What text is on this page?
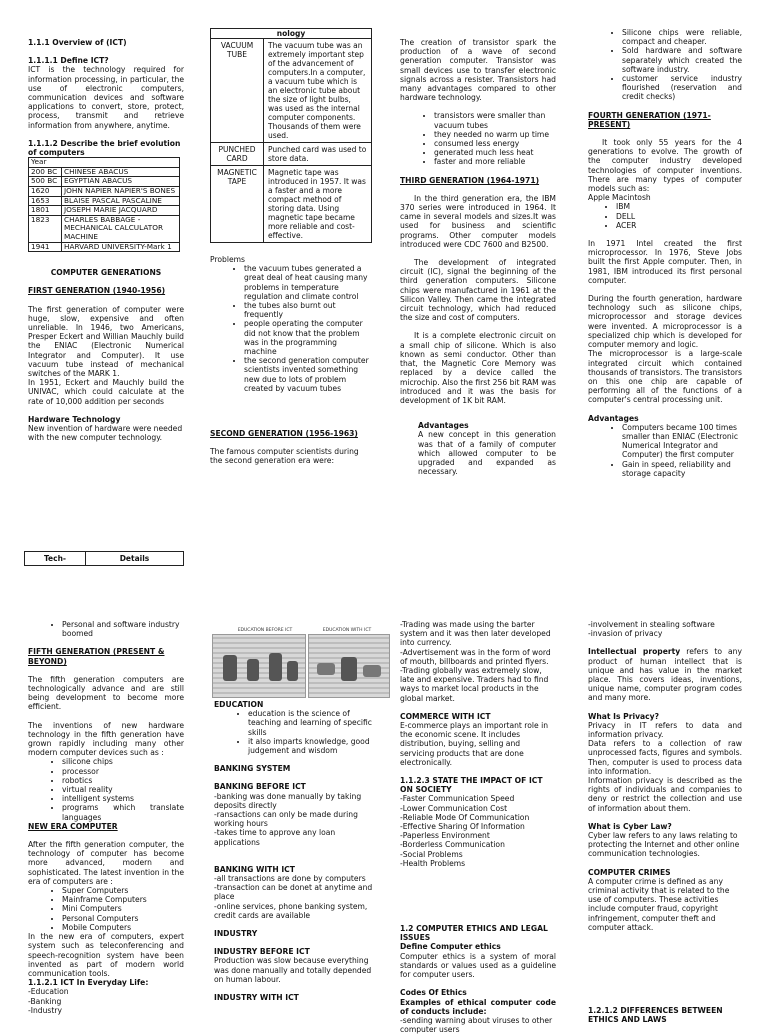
1.1.1 Overview of (ICT)

1.1.1.1 Define ICT?

ICT is the technology required for information processing, in particular, the use of electronic computers, communication devices and software applications to convert, store, protect, process, transmit and retrieve information from anywhere, anytime.

1.1.1.2 Describe the brief evolution of computers

Year	
200 BC	CHINESE ABACUS
500 BC	EGYPTIAN ABACUS
1620	JOHN NAPIER NAPIER'S BONES
1653	BLAISE PASCAL PASCALINE
1801	JOSEPH MARIE JACQUARD
1823	CHARLES BABBAGE -MECHANICAL CALCULATOR MACHINE
1941	HARVARD UNIVERSITY-Mark 1

COMPUTER GENERATIONS

FIRST GENERATION (1940-1956)

The first generation of computer were huge, slow, expensive and often unreliable. In 1946, two Americans, Presper Eckert and Willian Mauchly build the ENIAC (Electronic Numerical Integrator and Computer). It use vacuum tube instead of mechanical switches of the MARK 1.

In 1951, Eckert and Mauchly build the UNIVAC, which could calculate at the rate of 10,000 addition per seconds

Hardware Technology

New invention of hardware were needed with the new computer technology.

Tech-	Details
nology	
VACUUM TUBE	The vacuum tube was an extremely important step of the advancement of computers.In a computer, a vacuum tube which is an electronic tube about the size of light bulbs, was used as the internal computer components. Thousands of them were used.
PUNCHED CARD	Punched card was used to store data.
MAGNETIC TAPE	Magnetic tape was introduced in 1957. It was a faster and a more compact method of storing data. Using magnetic tape became more reliable and cost-effective.

Problems

• the vacuum tubes generated a great deal of heat causing many problems in temperature regulation and climate control
• the tubes also burnt out frequently
• people operating the computer did not know that the problem was in the programming machine
• the second generation computer scientists invented something new due to lots of problem created by vacuum tubes

SECOND GENERATION (1956-1963)

The famous computer scientists during the second generation era were:

The creation of transistor spark the production of a wave of second generation computer. Transistor was small devices use to transfer electronic signals across a resister. Transistors had many advantages compared to other hardware technology.

• transistors were smaller than vacuum tubes
• they needed no warm up time
• consumed less energy
• generated much less heat
• faster and more reliable

THIRD GENERATION (1964-1971)

In the third generation era, the IBM 370 series were introduced in 1964. It came in several models and sizes.It was used for business and scientific programs. Other computer models introduced were CDC 7600 and B2500.

The development of integrated circuit (IC), signal the beginning of the third generation computers. Silicone chips were manufactured in 1961 at the Silicon Valley. Then came the integrated circuit technology, which had reduced the size and cost of computers.

It is a complete electronic circuit on a small chip of silicone. Which is also known as semi conductor. Other than that, the Magnetic Core Memory was replaced by a device called the microchip. Also the first 256 bit RAM was introduced and it was the basis for development of 1K bit RAM.

Advantages

A new concept in this generation was that of a family of computer which allowed computer to be upgraded and expanded as necessary.

• Silicone chips were reliable, compact and cheaper.
• Sold hardware and software separately which created the software industry.
• customer service industry flourished (reservation and credit checks)

FOURTH GENERATION (1971-PRESENT)

It took only 55 years for the 4 generations to evolve. The growth of the computer industry developed technologies of computer inventions. There are many types of computer models such as:

Apple Macintosh

• IBM
• DELL
• ACER

In 1971 Intel created the first microprocessor. In 1976, Steve Jobs built the first Apple computer. Then, in 1981, IBM introduced its first personal computer.

During the fourth generation, hardware technology such as silicone chips, microprocessor and storage devices were invented. A microprocessor is a specialized chip which is developed for computer memory and logic.

The microprocessor is a large-scale integrated circuit which contained thousands of transistors. The transistors on this one chip are capable of performing all of the functions of a computer's central processing unit.

Advantages

• Computers became 100 times smaller than ENIAC (Electronic Numerical Integrator and Computer) the first computer
• Gain in speed, reliability and storage capacity
• Personal and software industry boomed

FIFTH GENERATION (PRESENT & BEYOND)

The fifth generation computers are technologically advance and are still being development to become more efficient.

The inventions of new hardware technology in the fifth generation have grown rapidly including many other modern computer devices such as :

• silicone chips
• processor
• robotics
• virtual reality
• intelligent systems
• programs which translate languages

NEW ERA COMPUTER

After the fifth generation computer, the technology of computer has become more advanced, modern and sophisticated. The latest invention in the era of computers are :

• Super Computers
• Mainframe Computers
• Mini Computers
• Personal Computers
• Mobile Computers

In the new era of computers, expert system such as teleconferencing and speech-recognition system have been invented as part of modern world communication tools.

1.1.2.1 ICT In Everyday Life:

-Education

-Banking

-Industry

EDUCATION BEFORE ICT	EDUCATION WITH ICT

EDUCATION

• education is the science of teaching and learning of specific skills
• it also imparts knowledge, good judgement and wisdom

BANKING SYSTEM

BANKING BEFORE ICT

-banking was done manually by taking deposits directly

-ransactions can only be made during working hours

-takes time to approve any loan applications

BANKING WITH ICT

-all transactions are done by computers

-transaction can be donet at anytime and place

-online services, phone banking system, credit cards are available

INDUSTRY

INDUSTRY BEFORE ICT

Production was slow because everything was done manually and totally depended on human labour.

INDUSTRY WITH ICT

-Trading was made using the barter system and it was then later developed into currency.

-Advertisement was in the form of word of mouth, billboards and printed flyers.

-Trading globally was extremely slow, late and expensive. Traders had to find ways to market local products in the global market.

COMMERCE WITH ICT

E-commerce plays an important role in the economic scene. It includes distribution, buying, selling and servicing products that are done electronically.

1.1.2.3 STATE THE IMPACT OF ICT ON SOCIETY

-Faster Communication Speed

-Lower Communication Cost

-Reliable Mode Of Communication

-Effective Sharing Of Information

-Paperless Environment

-Borderless Communication

-Social Problems

-Health Problems

1.2 COMPUTER ETHICS AND LEGAL ISSUES

Define Computer ethics

Computer ethics is a system of moral standards or values used as a guideline for computer users.

Codes Of Ethics

Examples of ethical computer code of conducts include:

-sending warning about viruses to other computer users

-involvement in stealing software

-invasion of privacy

Intellectual property refers to any product of human intellect that is unique and has value in the market place. This covers ideas, inventions, unique name, computer program codes and many more.

What Is Privacy?

Privacy in IT refers to data and information privacy.

Data refers to a collection of raw unprocessed facts, figures and symbols. Then, computer is used to process data into information.

Information privacy is described as the rights of individuals and companies to deny or restrict the collection and use of information about them.

What is Cyber Law?

Cyber law refers to any laws relating to protecting the Internet and other online communication technologies.

COMPUTER CRIMES

A computer crime is defined as any criminal activity that is related to the use of computers. These activities include computer fraud, copyright infringement, computer theft and computer attack.

1.2.1.2 DIFFERENCES BETWEEN ETHICS AND LAWS
